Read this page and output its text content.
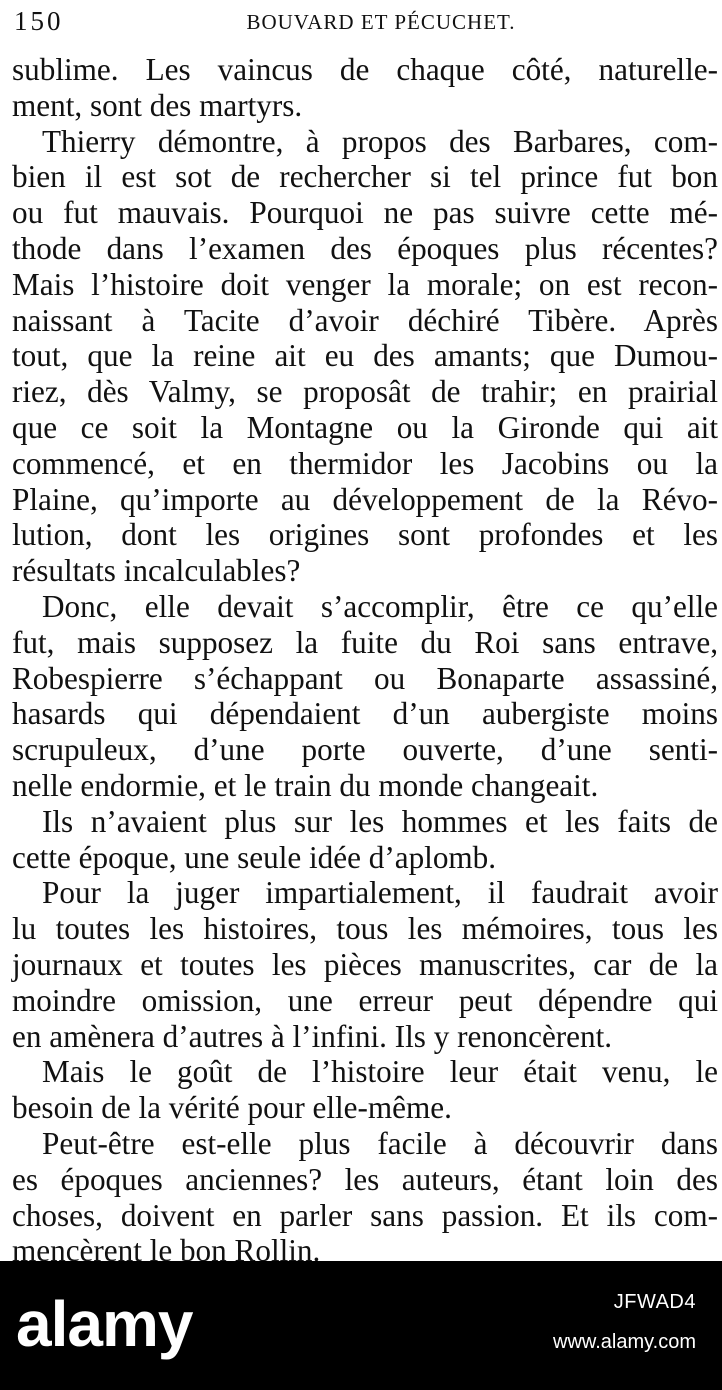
150	BOUVARD ET PÉCUCHET.
sublime. Les vaincus de chaque côté, naturelle-
ment, sont des martyrs.
Thierry démontre, à propos des Barbares, com-
bien il est sot de rechercher si tel prince fut bon
ou fut mauvais. Pourquoi ne pas suivre cette mé-
thode dans l’examen des époques plus récentes?
Mais l’histoire doit venger la morale; on est recon-
naissant à Tacite d’avoir déchiré Tibère. Après
tout, que la reine ait eu des amants; que Dumou-
riez, dès Valmy, se proposât de trahir; en prairial
que ce soit la Montagne ou la Gironde qui ait
commencé, et en thermidor les Jacobins ou la
Plaine, qu’importe au développement de la Révo-
lution, dont les origines sont profondes et les
résultats incalculables?
Donc, elle devait s’accomplir, être ce qu’elle
fut, mais supposez la fuite du Roi sans entrave,
Robespierre s’échappant ou Bonaparte assassiné,
hasards qui dépendaient d’un aubergiste moins
scrupuleux, d’une porte ouverte, d’une senti-
nelle endormie, et le train du monde changeait.
Ils n’avaient plus sur les hommes et les faits de
cette époque, une seule idée d’aplomb.
Pour la juger impartialement, il faudrait avoir
lu toutes les histoires, tous les mémoires, tous les
journaux et toutes les pièces manuscrites, car de la
moindre omission, une erreur peut dépendre qui
en amènera d’autres à l’infini. Ils y renoncèrent.
Mais le goût de l’histoire leur était venu, le
besoin de la vérité pour elle-même.
Peut-être est-elle plus facile à découvrir dans
es époques anciennes? les auteurs, étant loin des
choses, doivent en parler sans passion. Et ils com-
mencèrent le bon Rollin.
alamy	JFWAD4
www.alamy.com
